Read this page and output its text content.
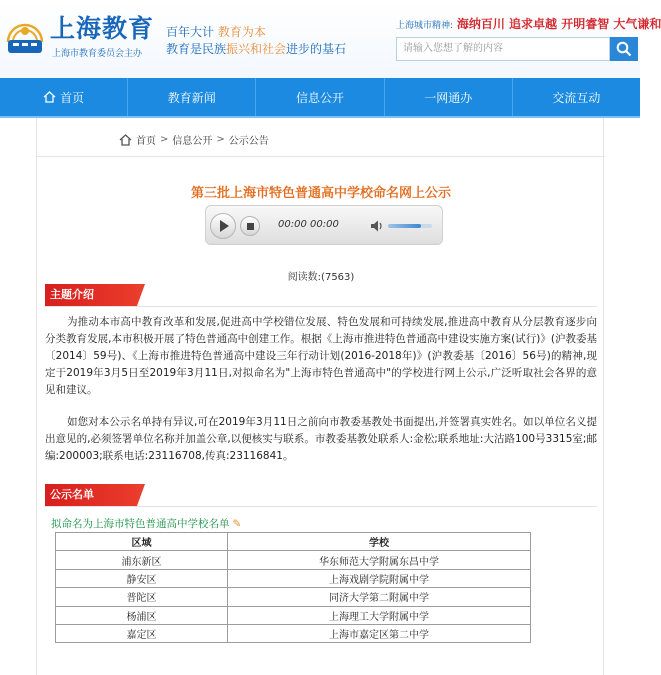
上海教育
上海市教育委员会主办
百年大计 教育为本
教育是民族振兴和社会进步的基石
上海城市精神: 海纳百川 追求卓越 开明睿智 大气谦和
请输入您想了解的内容
首页	教育新闻	信息公开	一网通办	交流互动
首页 > 信息公开 > 公示公告
第三批上海市特色普通高中学校命名网上公示
00:00 00:00
阅读数:(7563)
主题介绍
为推动本市高中教育改革和发展,促进高中学校错位发展、特色发展和可持续发展,推进高中教育从分层教育逐步向分类教育发展,本市积极开展了特色普通高中创建工作。根据《上海市推进特色普通高中建设实施方案(试行)》(沪教委基〔2014〕59号)、《上海市推进特色普通高中建设三年行动计划(2016-2018年)》(沪教委基〔2016〕56号)的精神,现定于2019年3月5日至2019年3月11日,对拟命名为"上海市特色普通高中"的学校进行网上公示,广泛听取社会各界的意见和建议。
如您对本公示名单持有异议,可在2019年3月11日之前向市教委基教处书面提出,并签署真实姓名。如以单位名义提出意见的,必须签署单位名称并加盖公章,以便核实与联系。市教委基教处联系人:金松;联系地址:大沽路100号3315室;邮编:200003;联系电话:23116708,传真:23116841。
公示名单
拟命名为上海市特色普通高中学校名单 ✎
区域	学校
浦东新区	华东师范大学附属东昌中学
静安区	上海戏剧学院附属中学
普陀区	同济大学第二附属中学
杨浦区	上海理工大学附属中学
嘉定区	上海市嘉定区第二中学
